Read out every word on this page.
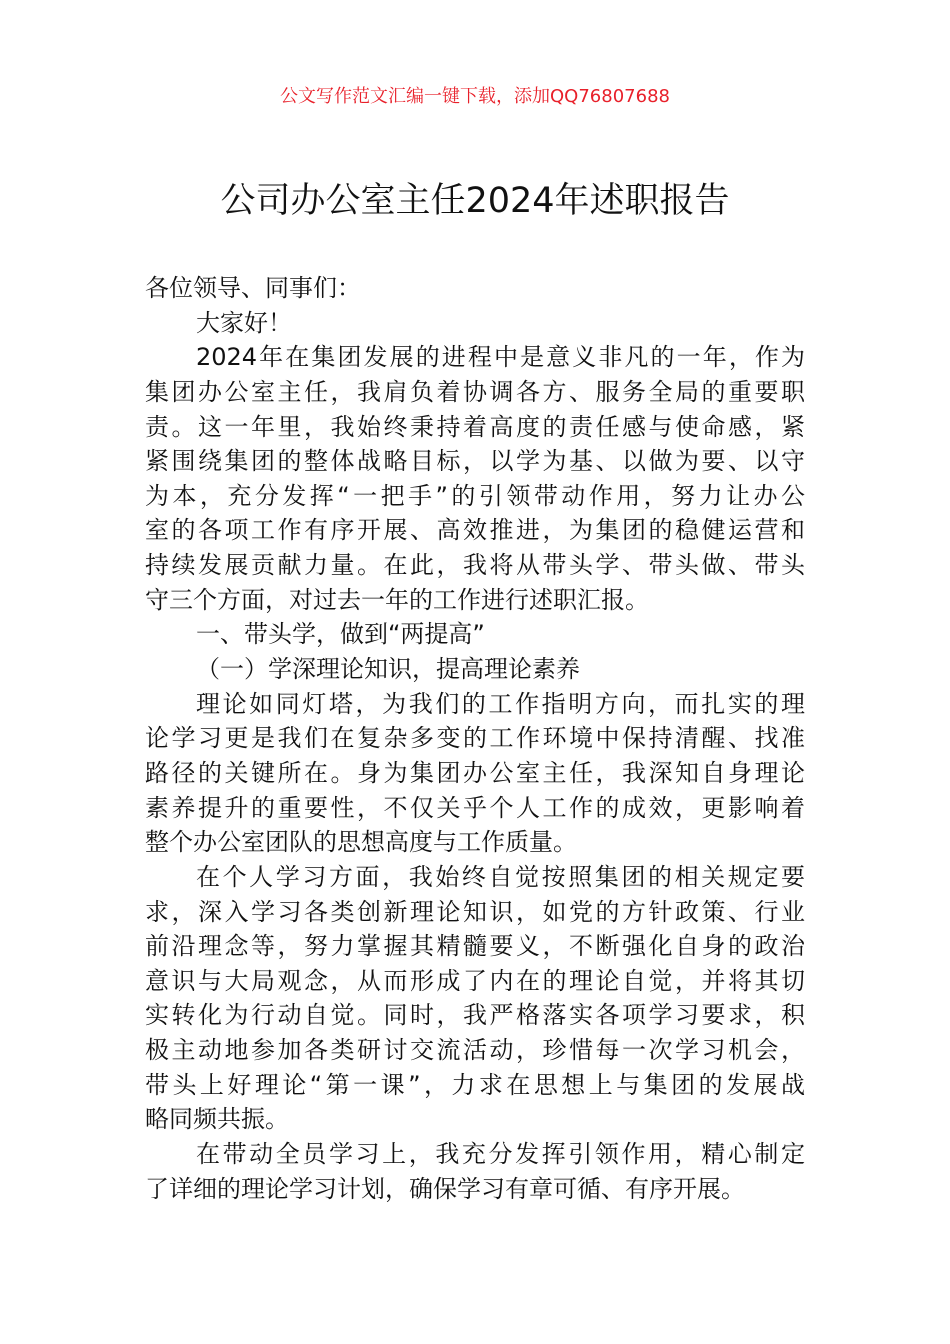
公文写作范文汇编一键下载，添加QQ76807688
公司办公室主任2024年述职报告
各位领导、同事们：
大家好！
2024年在集团发展的进程中是意义非凡的一年，作为
集团办公室主任，我肩负着协调各方、服务全局的重要职
责。这一年里，我始终秉持着高度的责任感与使命感，紧
紧围绕集团的整体战略目标，以学为基、以做为要、以守
为本，充分发挥“一把手”的引领带动作用，努力让办公
室的各项工作有序开展、高效推进，为集团的稳健运营和
持续发展贡献力量。在此，我将从带头学、带头做、带头
守三个方面，对过去一年的工作进行述职汇报。
一、带头学，做到“两提高”
（一）学深理论知识，提高理论素养
理论如同灯塔，为我们的工作指明方向，而扎实的理
论学习更是我们在复杂多变的工作环境中保持清醒、找准
路径的关键所在。身为集团办公室主任，我深知自身理论
素养提升的重要性，不仅关乎个人工作的成效，更影响着
整个办公室团队的思想高度与工作质量。
在个人学习方面，我始终自觉按照集团的相关规定要
求，深入学习各类创新理论知识，如党的方针政策、行业
前沿理念等，努力掌握其精髓要义，不断强化自身的政治
意识与大局观念，从而形成了内在的理论自觉，并将其切
实转化为行动自觉。同时，我严格落实各项学习要求，积
极主动地参加各类研讨交流活动，珍惜每一次学习机会，
带头上好理论“第一课”，力求在思想上与集团的发展战
略同频共振。
在带动全员学习上，我充分发挥引领作用，精心制定
了详细的理论学习计划，确保学习有章可循、有序开展。
